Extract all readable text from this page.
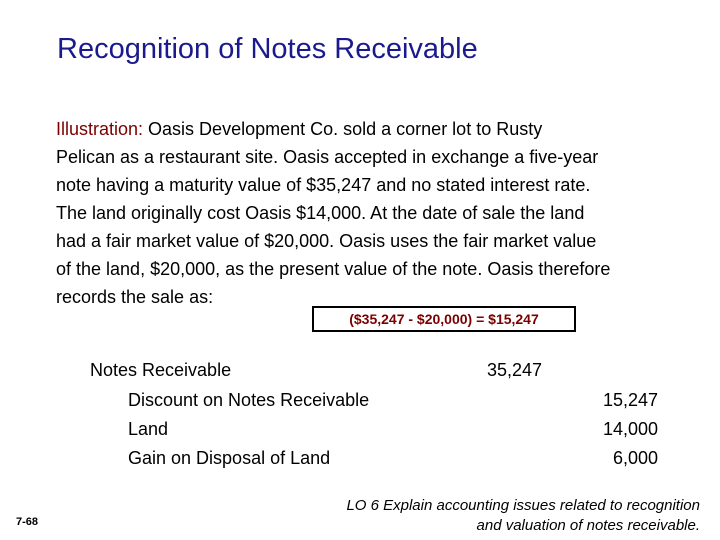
Recognition of Notes Receivable
Illustration: Oasis Development Co. sold a corner lot to Rusty
Pelican as a restaurant site. Oasis accepted in exchange a five-year
note having a maturity value of $35,247 and no stated interest rate.
The land originally cost Oasis $14,000. At the date of sale the land
had a fair market value of $20,000. Oasis uses the fair market value
of the land, $20,000, as the present value of the note. Oasis therefore
records the sale as:
($35,247 - $20,000) = $15,247
Notes Receivable
Discount on Notes Receivable
Land
Gain on Disposal of Land
35,247
15,247
14,000
6,000
7-68
LO 6 Explain accounting issues related to recognition
and valuation of notes receivable.
